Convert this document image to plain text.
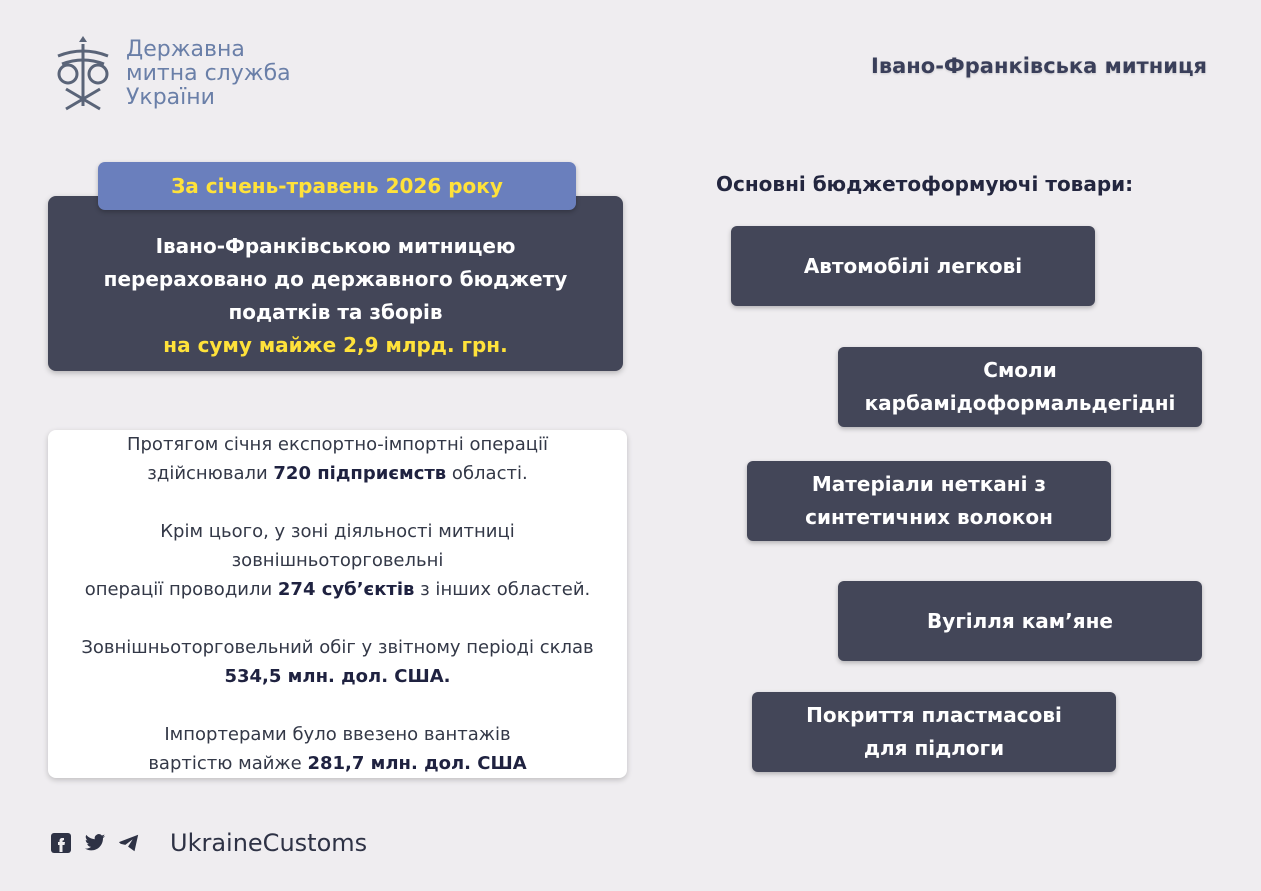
Державна
митна служба
України
Івано-Франківська митниця
Івано-Франківською митницею
перераховано до державного бюджету
податків та зборів
на суму майже 2,9 млрд. грн.
За січень-травень 2026 року

Протягом січня експортно-імпортні операції

здійснювали 720 підприємств області.

Крім цього, у зоні діяльності митниці

зовнішньоторговельні

операції проводили 274 суб’єктів з інших областей.

Зовнішньоторговельний обіг у звітному періоді склав

534,5 млн. дол. США.

Імпортерами було ввезено вантажів

вартістю майже 281,7 млн. дол. США

Основні бюджетоформуючі товари:
Автомобілі легкові
Смоли
карбамідоформальдегідні
Матеріали нетканi з
синтетичних волокон
Вугілля кам’яне
Покриття пластмасові
для підлоги
UkraineCustoms
